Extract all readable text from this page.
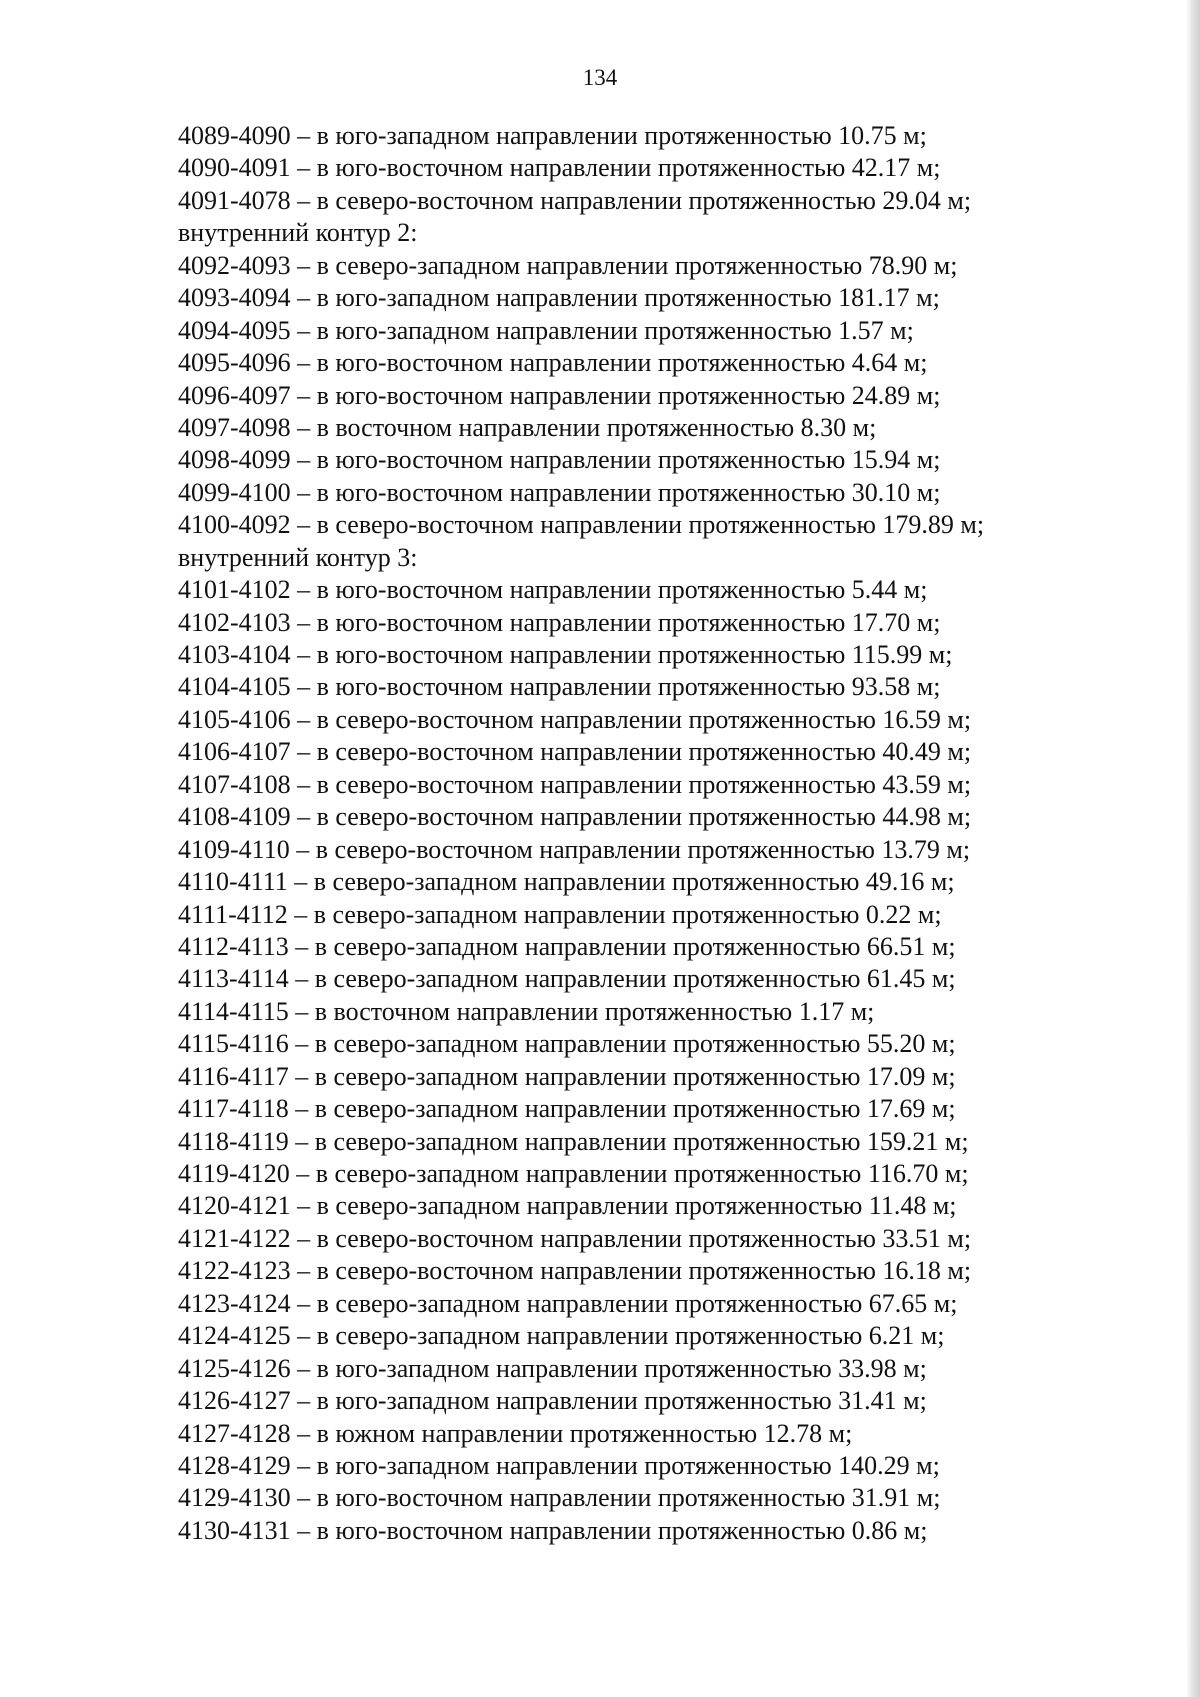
134
4089-4090 – в юго-западном направлении протяженностью 10.75 м;
4090-4091 – в юго-восточном направлении протяженностью 42.17 м;
4091-4078 – в северо-восточном направлении протяженностью 29.04 м;
внутренний контур 2:
4092-4093 – в северо-западном направлении протяженностью 78.90 м;
4093-4094 – в юго-западном направлении протяженностью 181.17 м;
4094-4095 – в юго-западном направлении протяженностью 1.57 м;
4095-4096 – в юго-восточном направлении протяженностью 4.64 м;
4096-4097 – в юго-восточном направлении протяженностью 24.89 м;
4097-4098 – в восточном направлении протяженностью 8.30 м;
4098-4099 – в юго-восточном направлении протяженностью 15.94 м;
4099-4100 – в юго-восточном направлении протяженностью 30.10 м;
4100-4092 – в северо-восточном направлении протяженностью 179.89 м;
внутренний контур 3:
4101-4102 – в юго-восточном направлении протяженностью 5.44 м;
4102-4103 – в юго-восточном направлении протяженностью 17.70 м;
4103-4104 – в юго-восточном направлении протяженностью 115.99 м;
4104-4105 – в юго-восточном направлении протяженностью 93.58 м;
4105-4106 – в северо-восточном направлении протяженностью 16.59 м;
4106-4107 – в северо-восточном направлении протяженностью 40.49 м;
4107-4108 – в северо-восточном направлении протяженностью 43.59 м;
4108-4109 – в северо-восточном направлении протяженностью 44.98 м;
4109-4110 – в северо-восточном направлении протяженностью 13.79 м;
4110-4111 – в северо-западном направлении протяженностью 49.16 м;
4111-4112 – в северо-западном направлении протяженностью 0.22 м;
4112-4113 – в северо-западном направлении протяженностью 66.51 м;
4113-4114 – в северо-западном направлении протяженностью 61.45 м;
4114-4115 – в восточном направлении протяженностью 1.17 м;
4115-4116 – в северо-западном направлении протяженностью 55.20 м;
4116-4117 – в северо-западном направлении протяженностью 17.09 м;
4117-4118 – в северо-западном направлении протяженностью 17.69 м;
4118-4119 – в северо-западном направлении протяженностью 159.21 м;
4119-4120 – в северо-западном направлении протяженностью 116.70 м;
4120-4121 – в северо-западном направлении протяженностью 11.48 м;
4121-4122 – в северо-восточном направлении протяженностью 33.51 м;
4122-4123 – в северо-восточном направлении протяженностью 16.18 м;
4123-4124 – в северо-западном направлении протяженностью 67.65 м;
4124-4125 – в северо-западном направлении протяженностью 6.21 м;
4125-4126 – в юго-западном направлении протяженностью 33.98 м;
4126-4127 – в юго-западном направлении протяженностью 31.41 м;
4127-4128 – в южном направлении протяженностью 12.78 м;
4128-4129 – в юго-западном направлении протяженностью 140.29 м;
4129-4130 – в юго-восточном направлении протяженностью 31.91 м;
4130-4131 – в юго-восточном направлении протяженностью 0.86 м;
